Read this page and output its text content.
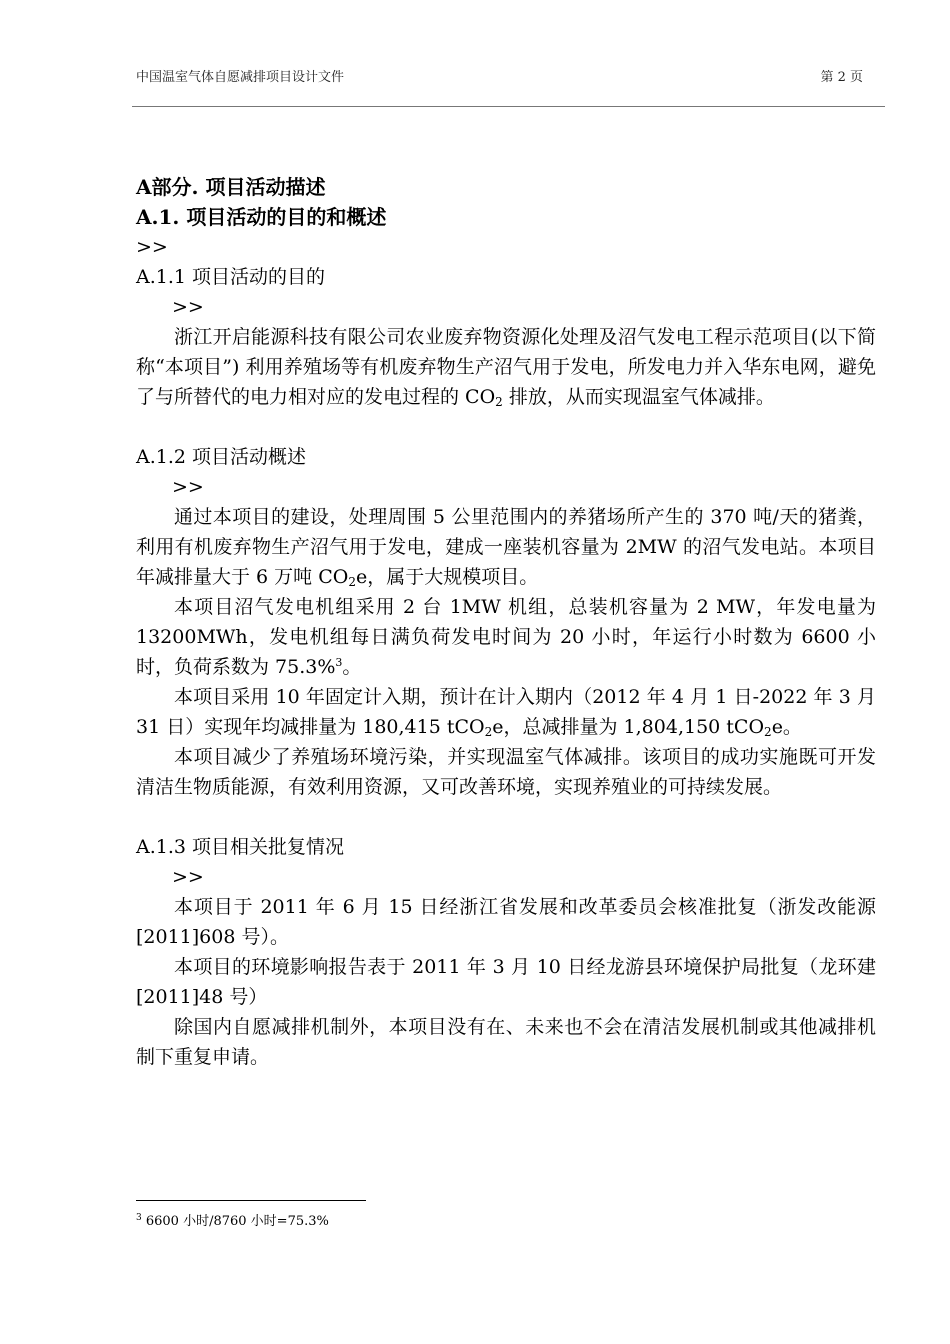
中国温室气体自愿减排项目设计文件	第 2 页
A部分. 项目活动描述
A.1. 项目活动的目的和概述
>>
A.1.1 项目活动的目的
>>

浙江开启能源科技有限公司农业废弃物资源化处理及沼气发电工程示范项目(以下简称“本项目”) 利用养殖场等有机废弃物生产沼气用于发电，所发电力并入华东电网，避免了与所替代的电力相对应的发电过程的 $CO_2$ 排放，从而实现温室气体减排。

A.1.2 项目活动概述
>>

通过本项目的建设，处理周围 5 公里范围内的养猪场所产生的 370 吨/天的猪粪，利用有机废弃物生产沼气用于发电，建成一座装机容量为 2MW 的沼气发电站。本项目年减排量大于 6 万吨 $CO_2e$，属于大规模项目。

本项目沼气发电机组采用 2 台 1MW 机组，总装机容量为 2 MW，年发电量为 13200MWh，发电机组每日满负荷发电时间为 20 小时，年运行小时数为 6600 小时，负荷系数为 75.3%$^3$。

本项目采用 10 年固定计入期，预计在计入期内（2012 年 4 月 1 日-2022 年 3 月 31 日）实现年均减排量为 180,415 tCO$_2$e，总减排量为 1,804,150 tCO$_2$e。

本项目减少了养殖场环境污染，并实现温室气体减排。该项目的成功实施既可开发清洁生物质能源，有效利用资源，又可改善环境，实现养殖业的可持续发展。

A.1.3 项目相关批复情况
>>

本项目于 2011 年 6 月 15 日经浙江省发展和改革委员会核准批复（浙发改能源[2011]608 号）。

本项目的环境影响报告表于 2011 年 3 月 10 日经龙游县环境保护局批复（龙环建[2011]48 号）

除国内自愿减排机制外，本项目没有在、未来也不会在清洁发展机制或其他减排机制下重复申请。

$^3$ 6600 小时/8760 小时=75.3%
